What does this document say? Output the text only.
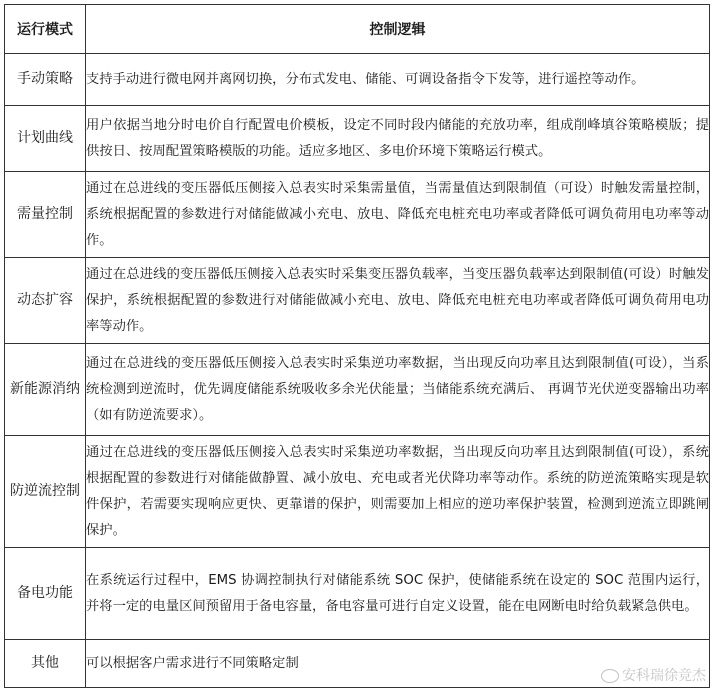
运行模式	控制逻辑
手动策略	支持手动进行微电网并离网切换，分布式发电、储能、可调设备指令下发等，进行遥控等动作。
计划曲线	用户依据当地分时电价自行配置电价模板，设定不同时段内储能的充放功率，组成削峰填谷策略模版；提供按日、按周配置策略模版的功能。适应多地区、多电价环境下策略运行模式。
需量控制	通过在总进线的变压器低压侧接入总表实时采集需量值，当需量值达到限制值（可设）时触发需量控制，系统根据配置的参数进行对储能做减小充电、放电、降低充电桩充电功率或者降低可调负荷用电功率等动作。
动态扩容	通过在总进线的变压器低压侧接入总表实时采集变压器负载率，当变压器负载率达到限制值(可设）时触发保护，系统根据配置的参数进行对储能做减小充电、放电、降低充电桩充电功率或者降低可调负荷用电功率等动作。
新能源消纳	通过在总进线的变压器低压侧接入总表实时采集逆功率数据，当出现反向功率且达到限制值(可设），当系统检测到逆流时，优先调度储能系统吸收多余光伏能量；当储能系统充满后、 再调节光伏逆变器输出功率（如有防逆流要求）。
防逆流控制	通过在总进线的变压器低压侧接入总表实时采集逆功率数据，当出现反向功率且达到限制值(可设），系统根据配置的参数进行对储能做静置、减小放电、充电或者光伏降功率等动作。系统的防逆流策略实现是软件保护，若需要实现响应更快、更靠谱的保护，则需要加上相应的逆功率保护装置，检测到逆流立即跳闸保护。
备电功能	在系统运行过程中，EMS 协调控制执行对储能系统 SOC 保护，使储能系统在设定的 SOC 范围内运行，并将一定的电量区间预留用于备电容量，备电容量可进行自定义设置，能在电网断电时给负载紧急供电。
其他	可以根据客户需求进行不同策略定制
安科瑞徐竞杰
